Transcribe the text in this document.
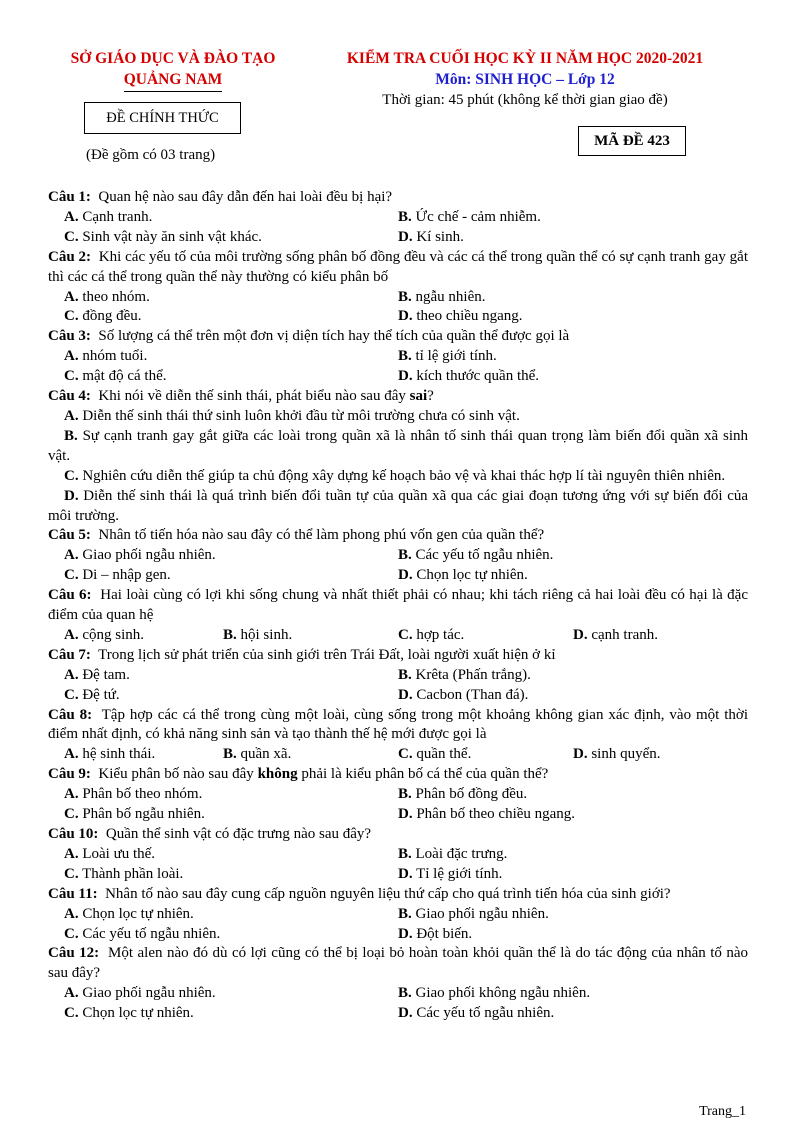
SỞ GIÁO DỤC VÀ ĐÀO TẠO
QUẢNG NAM
ĐỀ CHÍNH THỨC
(Đề gồm có 03 trang)
KIỂM TRA CUỐI HỌC KỲ II NĂM HỌC 2020-2021
Môn: SINH HỌC – Lớp 12
Thời gian: 45 phút (không kể thời gian giao đề)
MÃ ĐỀ 423
Câu 1: Quan hệ nào sau đây dẫn đến hai loài đều bị hại?
A. Cạnh tranh.	B. Ức chế - cảm nhiễm.
C. Sinh vật này ăn sinh vật khác.	D. Kí sinh.
Câu 2: Khi các yếu tố của môi trường sống phân bố đồng đều và các cá thể trong quần thể có sự cạnh tranh gay gắt thì các cá thể trong quần thể này thường có kiểu phân bố
A. theo nhóm.	B. ngẫu nhiên.
C. đồng đều.	D. theo chiều ngang.
Câu 3: Số lượng cá thể trên một đơn vị diện tích hay thể tích của quần thể được gọi là
A. nhóm tuổi.	B. tỉ lệ giới tính.
C. mật độ cá thể.	D. kích thước quần thể.
Câu 4: Khi nói về diễn thế sinh thái, phát biểu nào sau đây sai?
A. Diễn thế sinh thái thứ sinh luôn khởi đầu từ môi trường chưa có sinh vật.
B. Sự cạnh tranh gay gắt giữa các loài trong quần xã là nhân tố sinh thái quan trọng làm biến đổi quần xã sinh vật.
C. Nghiên cứu diễn thế giúp ta chủ động xây dựng kế hoạch bảo vệ và khai thác hợp lí tài nguyên thiên nhiên.
D. Diễn thế sinh thái là quá trình biến đổi tuần tự của quần xã qua các giai đoạn tương ứng với sự biến đổi của môi trường.
Câu 5: Nhân tố tiến hóa nào sau đây có thể làm phong phú vốn gen của quần thể?
A. Giao phối ngẫu nhiên.	B. Các yếu tố ngẫu nhiên.
C. Di – nhập gen.	D. Chọn lọc tự nhiên.
Câu 6: Hai loài cùng có lợi khi sống chung và nhất thiết phải có nhau; khi tách riêng cả hai loài đều có hại là đặc điểm của quan hệ
A. cộng sinh.	B. hội sinh.	C. hợp tác.	D. cạnh tranh.
Câu 7: Trong lịch sử phát triển của sinh giới trên Trái Đất, loài người xuất hiện ở kỉ
A. Đệ tam.	B. Krêta (Phấn trắng).
C. Đệ tứ.	D. Cacbon (Than đá).
Câu 8: Tập hợp các cá thể trong cùng một loài, cùng sống trong một khoảng không gian xác định, vào một thời điểm nhất định, có khả năng sinh sản và tạo thành thế hệ mới được gọi là
A. hệ sinh thái.	B. quần xã.	C. quần thể.	D. sinh quyển.
Câu 9: Kiểu phân bố nào sau đây không phải là kiểu phân bố cá thể của quần thể?
A. Phân bố theo nhóm.	B. Phân bố đồng đều.
C. Phân bố ngẫu nhiên.	D. Phân bố theo chiều ngang.
Câu 10: Quần thể sinh vật có đặc trưng nào sau đây?
A. Loài ưu thế.	B. Loài đặc trưng.
C. Thành phần loài.	D. Tỉ lệ giới tính.
Câu 11: Nhân tố nào sau đây cung cấp nguồn nguyên liệu thứ cấp cho quá trình tiến hóa của sinh giới?
A. Chọn lọc tự nhiên.	B. Giao phối ngẫu nhiên.
C. Các yếu tố ngẫu nhiên.	D. Đột biến.
Câu 12: Một alen nào đó dù có lợi cũng có thể bị loại bỏ hoàn toàn khỏi quần thể là do tác động của nhân tố nào sau đây?
A. Giao phối ngẫu nhiên.	B. Giao phối không ngẫu nhiên.
C. Chọn lọc tự nhiên.	D. Các yếu tố ngẫu nhiên.
Trang_1
